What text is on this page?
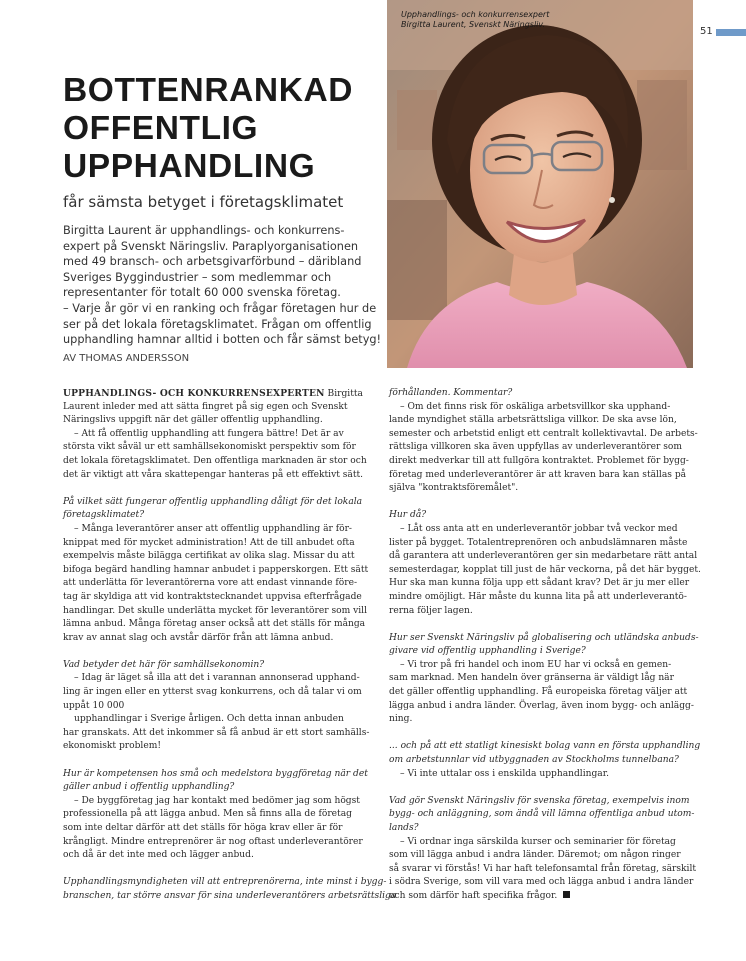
51
BOTTENRANKAD
OFFENTLIG
UPPHANDLING
får sämsta betyget i företagsklimatet
Birgitta Laurent är upphandlings- och konkurrens-
expert på Svenskt Näringsliv. Paraplyorganisationen
med 49 bransch- och arbetsgivarförbund – däribland
Sveriges Byggindustrier – som medlemmar och
representanter för totalt 60 000 svenska företag.
– Varje år gör vi en ranking och frågar företagen hur de
ser på det lokala företagsklimatet. Frågan om offentlig
upphandling hamnar alltid i botten och får sämst betyg!
AV THOMAS ANDERSSON
Upphandlings- och konkurrensexpert
Birgitta Laurent, Svenskt Näringsliv.
UPPHANDLINGS- OCH KONKURRENSEXPERTEN Birgitta
Laurent inleder med att sätta fingret på sig egen och Svenskt
Näringslivs uppgift när det gäller offentlig upphandling.
– Att få offentlig upphandling att fungera bättre! Det är av
största vikt såväl ur ett samhällsekonomiskt perspektiv som för
det lokala företagsklimatet. Den offentliga marknaden är stor och
det är viktigt att våra skattepengar hanteras på ett effektivt sätt.
På vilket sätt fungerar offentlig upphandling dåligt för det lokala
företagsklimatet?
– Många leverantörer anser att offentlig upphandling är för-
knippat med för mycket administration! Att de till anbudet ofta
exempelvis måste bilägga certifikat av olika slag. Missar du att
bifoga begärd handling hamnar anbudet i papperskorgen. Ett sätt
att underlätta för leverantörerna vore att endast vinnande före-
tag är skyldiga att vid kontraktstecknandet uppvisa efterfrågade
handlingar. Det skulle underlätta mycket för leverantörer som vill
lämna anbud. Många företag anser också att det ställs för många
krav av annat slag och avstår därför från att lämna anbud.
Vad betyder det här för samhällsekonomin?
– Idag är läget så illa att det i varannan annonserad upphand-
ling är ingen eller en ytterst svag konkurrens, och då talar vi om
uppåt 10 000
upphandlingar i Sverige årligen. Och detta innan anbuden
har granskats. Att det inkommer så få anbud är ett stort samhälls-
ekonomiskt problem!
Hur är kompetensen hos små och medelstora byggföretag när det
gäller anbud i offentlig upphandling?
– De byggföretag jag har kontakt med bedömer jag som högst
professionella på att lägga anbud. Men så finns alla de företag
som inte deltar därför att det ställs för höga krav eller är för
krångligt. Mindre entreprenörer är nog oftast underleverantörer
och då är det inte med och lägger anbud.
Upphandlingsmyndigheten vill att entreprenörerna, inte minst i bygg-
branschen, tar större ansvar för sina underleverantörers arbetsrättsliga
förhållanden. Kommentar?
– Om det finns risk för oskäliga arbetsvillkor ska upphand-
lande myndighet ställa arbetsrättsliga villkor. De ska avse lön,
semester och arbetstid enligt ett centralt kollektivavtal. De arbets-
rättsliga villkoren ska även uppfyllas av underleverantörer som
direkt medverkar till att fullgöra kontraktet. Problemet för bygg-
företag med underleverantörer är att kraven bara kan ställas på
själva "kontraktsföremålet".
Hur då?
– Låt oss anta att en underleverantör jobbar två veckor med
lister på bygget. Totalentreprenören och anbudslämnaren måste
då garantera att underleverantören ger sin medarbetare rätt antal
semesterdagar, kopplat till just de här veckorna, på det här bygget.
Hur ska man kunna följa upp ett sådant krav? Det är ju mer eller
mindre omöjligt. Här måste du kunna lita på att underleverantö-
rerna följer lagen.
Hur ser Svenskt Näringsliv på globalisering och utländska anbuds-
givare vid offentlig upphandling i Sverige?
– Vi tror på fri handel och inom EU har vi också en gemen-
sam marknad. Men handeln över gränserna är väldigt låg när
det gäller offentlig upphandling. Få europeiska företag väljer att
lägga anbud i andra länder. Överlag, även inom bygg- och anlägg-
ning.
... och på att ett statligt kinesiskt bolag vann en första upphandling
om arbetstunnlar vid utbyggnaden av Stockholms tunnelbana?
– Vi inte uttalar oss i enskilda upphandlingar.
Vad gör Svenskt Näringsliv för svenska företag, exempelvis inom
bygg- och anläggning, som ändå vill lämna offentliga anbud utom-
lands?
– Vi ordnar inga särskilda kurser och seminarier för företag
som vill lägga anbud i andra länder. Däremot; om någon ringer
så svarar vi förstås! Vi har haft telefonsamtal från företag, särskilt
i södra Sverige, som vill vara med och lägga anbud i andra länder
och som därför haft specifika frågor.
